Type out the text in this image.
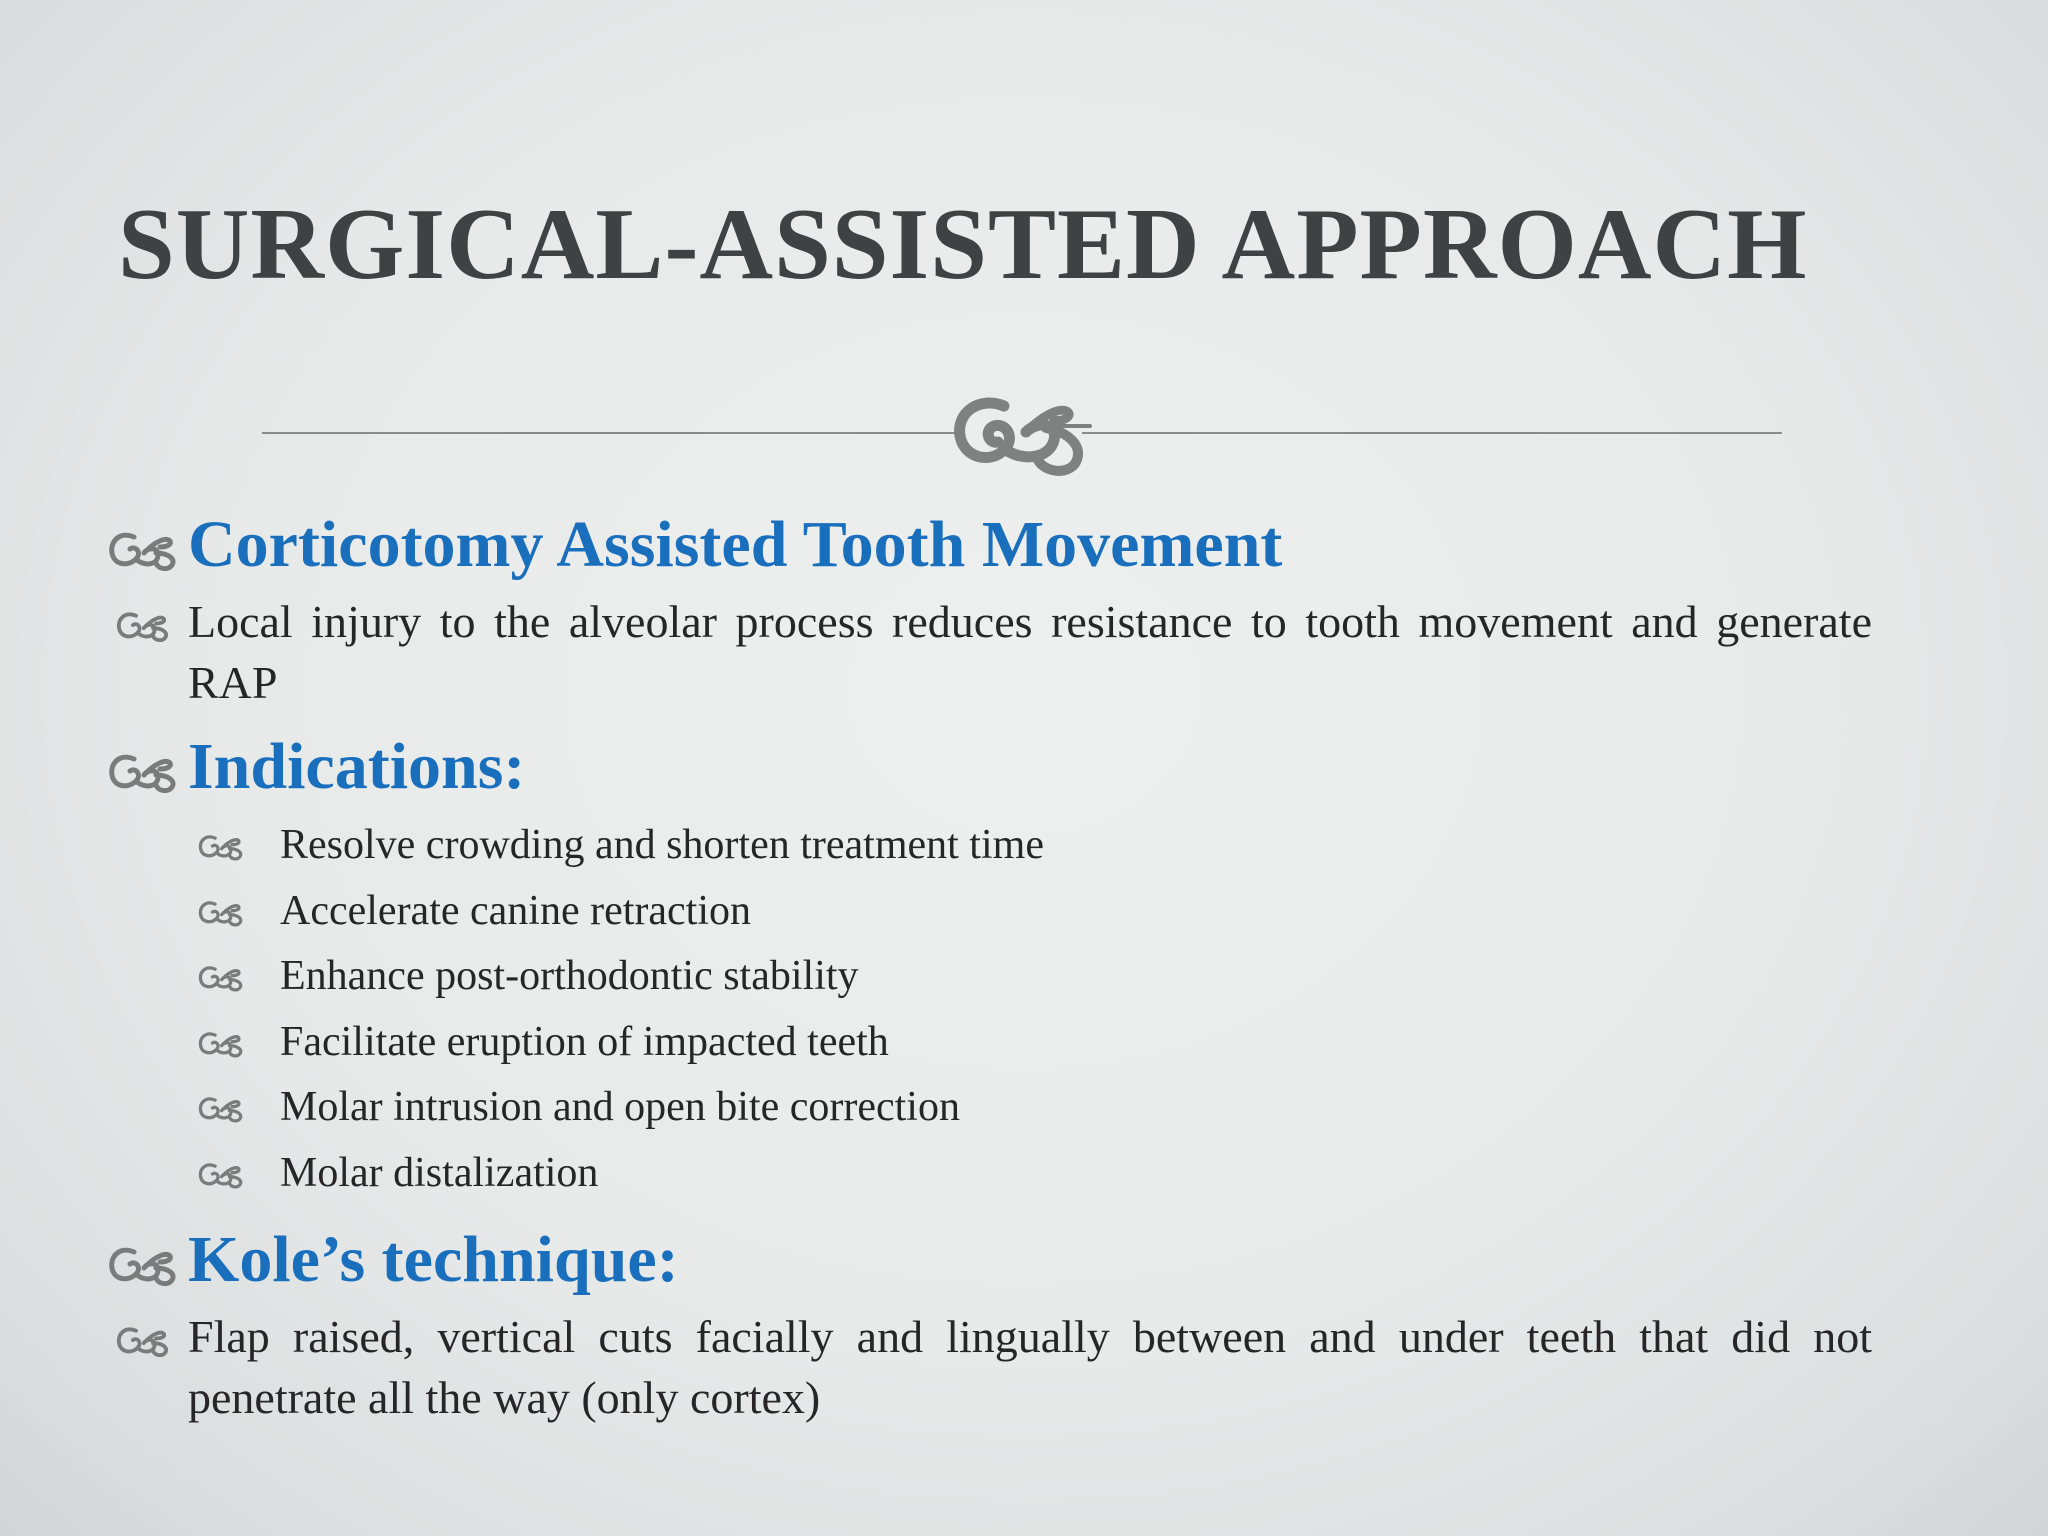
SURGICAL-ASSISTED APPROACH
Corticotomy Assisted Tooth Movement
Local injury to the alveolar process reduces resistance to tooth movement and generate RAP
Indications:
Resolve crowding and shorten treatment time
Accelerate canine retraction
Enhance post-orthodontic stability
Facilitate eruption of impacted teeth
Molar intrusion and open bite correction
Molar distalization
Kole’s technique:
Flap raised, vertical cuts facially and lingually between and under teeth that did not penetrate all the way (only cortex)
